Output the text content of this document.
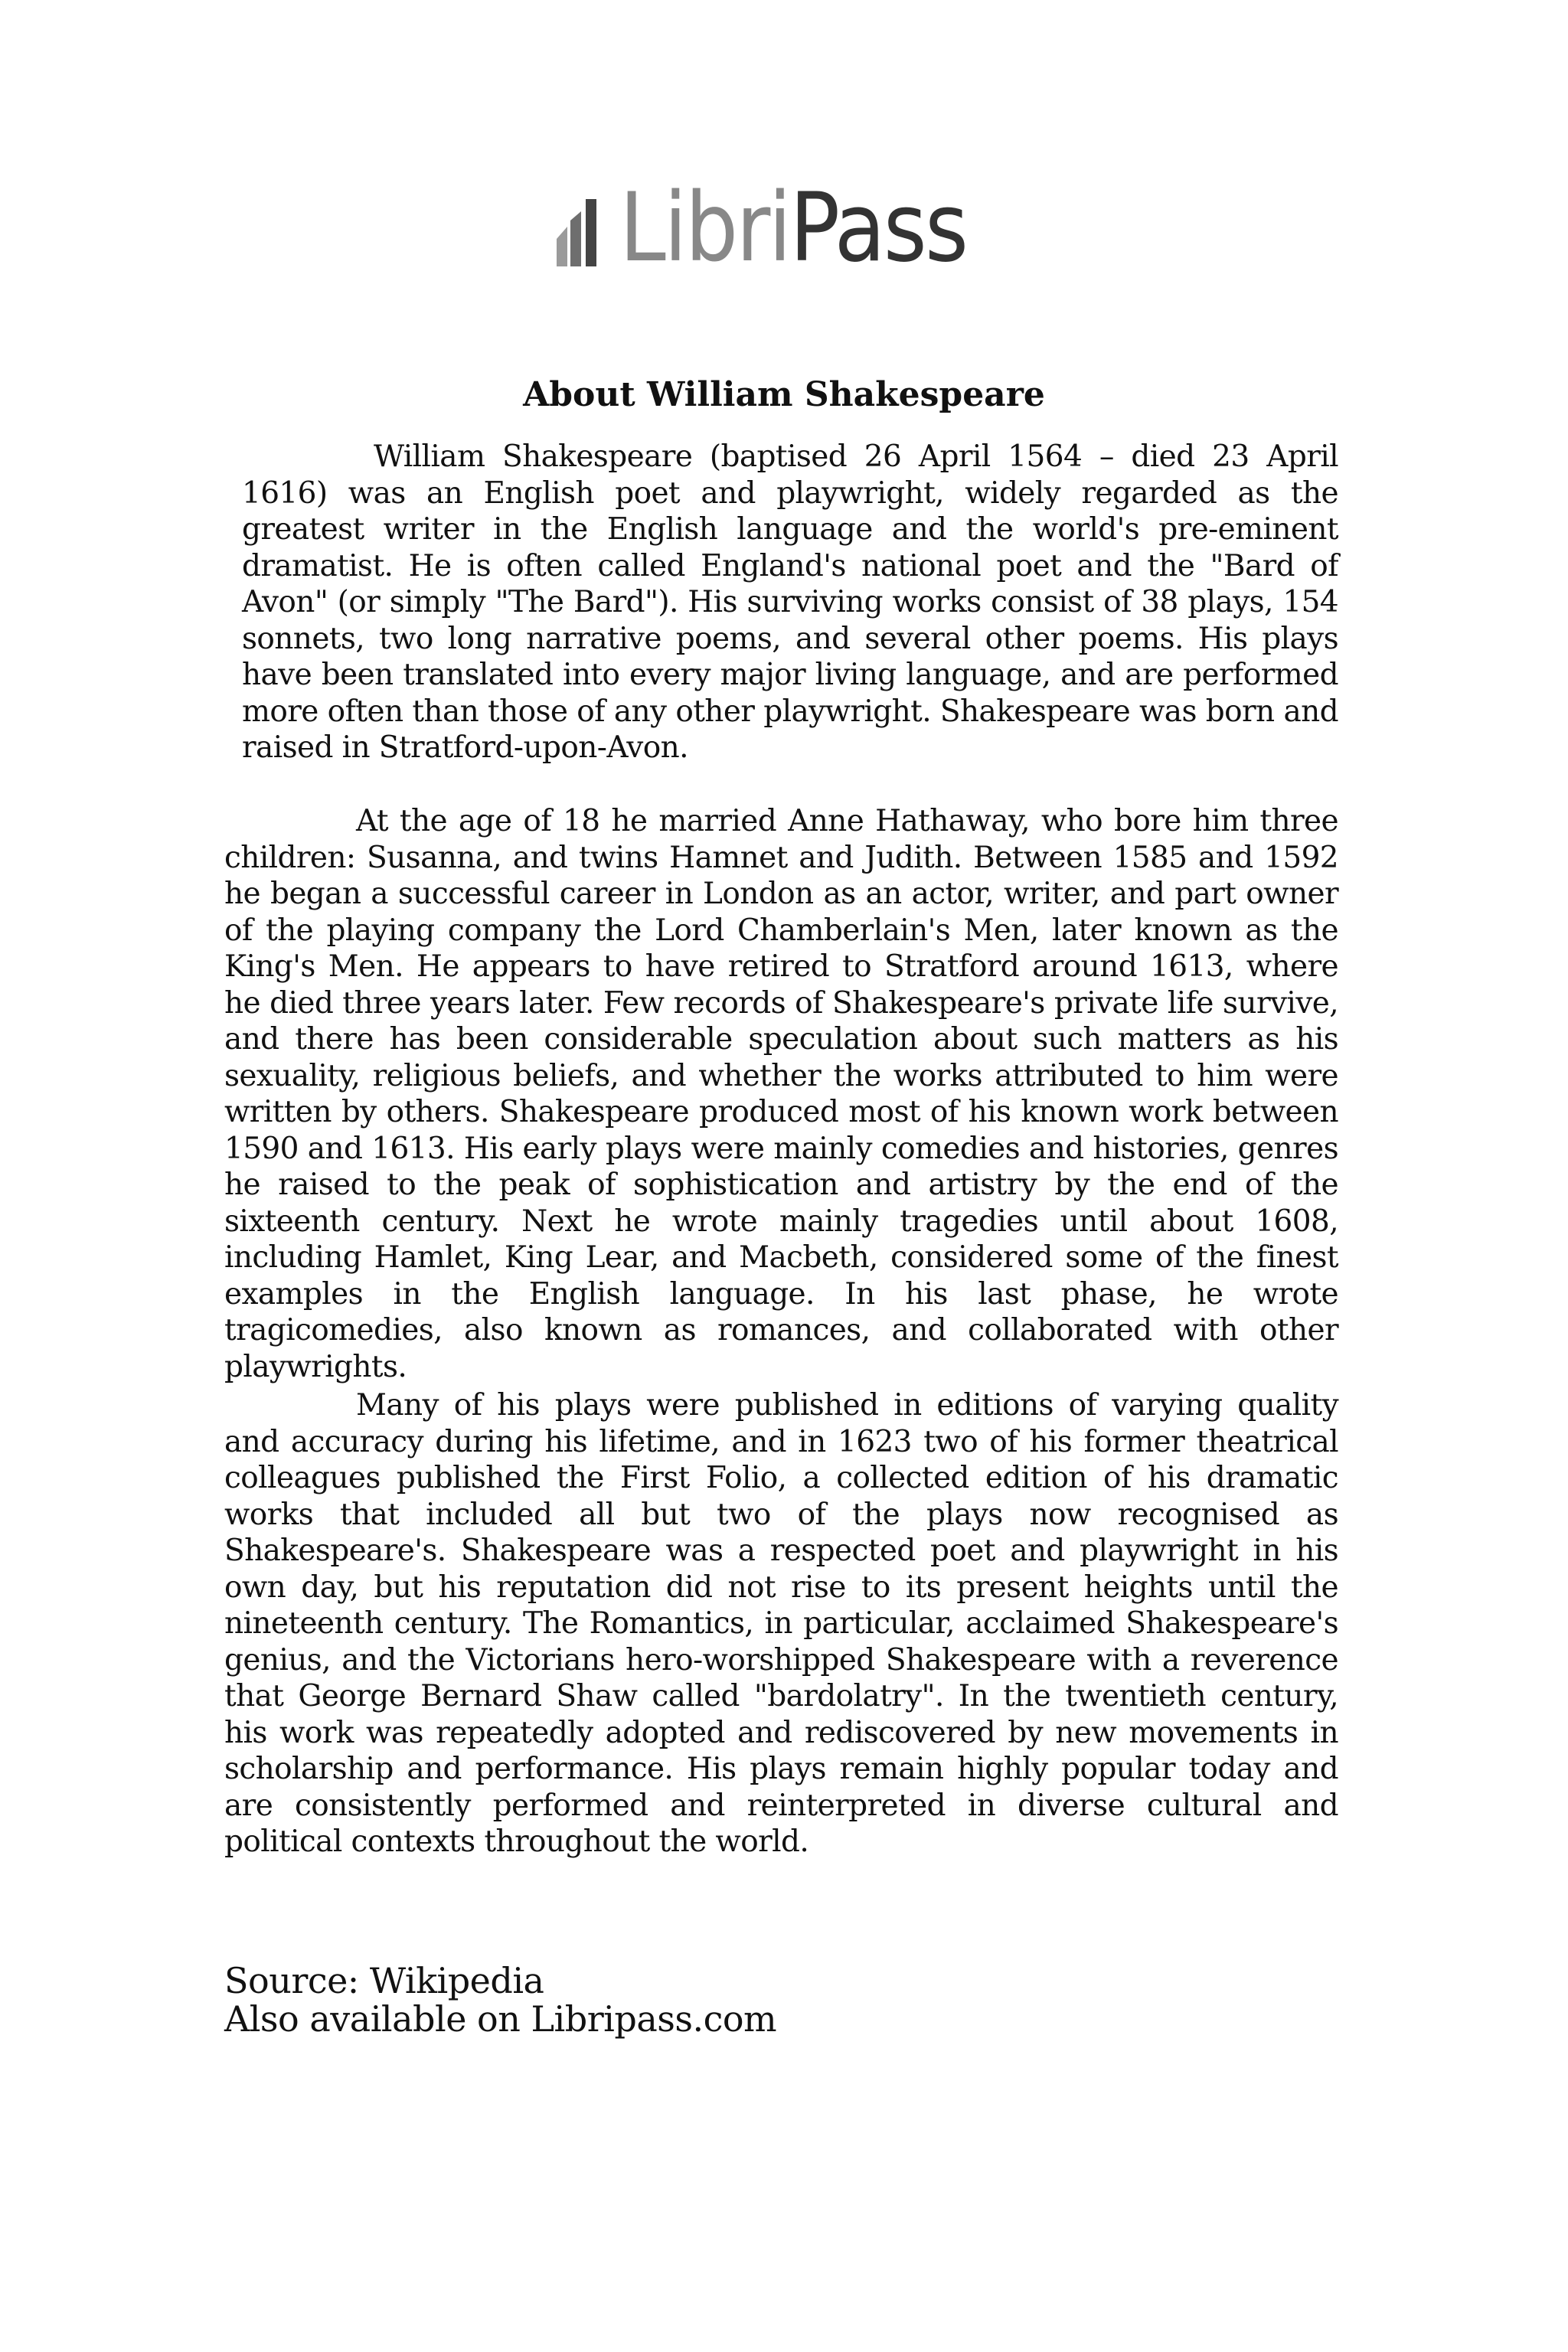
Libri Pass
About William Shakespeare

William Shakespeare (baptised 26 April 1564 – died 23 April 1616) was an English poet and playwright, widely regarded as the greatest writer in the English language and the world's pre-eminent dramatist. He is often called England's national poet and the "Bard of Avon" (or simply "The Bard"). His surviving works consist of 38 plays, 154 sonnets, two long narrative poems, and several other poems. His plays have been translated into every major living language, and are performed more often than those of any other playwright. Shakespeare was born and raised in Stratford-upon-Avon.

At the age of 18 he married Anne Hathaway, who bore him three children: Susanna, and twins Hamnet and Judith. Between 1585 and 1592 he began a successful career in London as an actor, writer, and part owner of the playing company the Lord Chamberlain's Men, later known as the King's Men. He appears to have retired to Stratford around 1613, where he died three years later. Few records of Shakespeare's private life survive, and there has been considerable speculation about such matters as his sexuality, religious beliefs, and whether the works attributed to him were written by others. Shakespeare produced most of his known work between 1590 and 1613. His early plays were mainly comedies and histories, genres he raised to the peak of sophistication and artistry by the end of the sixteenth century. Next he wrote mainly tragedies until about 1608, including Hamlet, King Lear, and Macbeth, considered some of the finest examples in the English language. In his last phase, he wrote tragicomedies, also known as romances, and collaborated with other playwrights.

Many of his plays were published in editions of varying quality and accuracy during his lifetime, and in 1623 two of his former theatrical colleagues published the First Folio, a collected edition of his dramatic works that included all but two of the plays now recognised as Shakespeare's. Shakespeare was a respected poet and playwright in his own day, but his reputation did not rise to its present heights until the nineteenth century. The Romantics, in particular, acclaimed Shakespeare's genius, and the Victorians hero-worshipped Shakespeare with a reverence that George Bernard Shaw called "bardolatry". In the twentieth century, his work was repeatedly adopted and rediscovered by new movements in scholarship and performance. His plays remain highly popular today and are consistently performed and reinterpreted in diverse cultural and political contexts throughout the world.

Source: Wikipedia
Also available on Libripass.com
